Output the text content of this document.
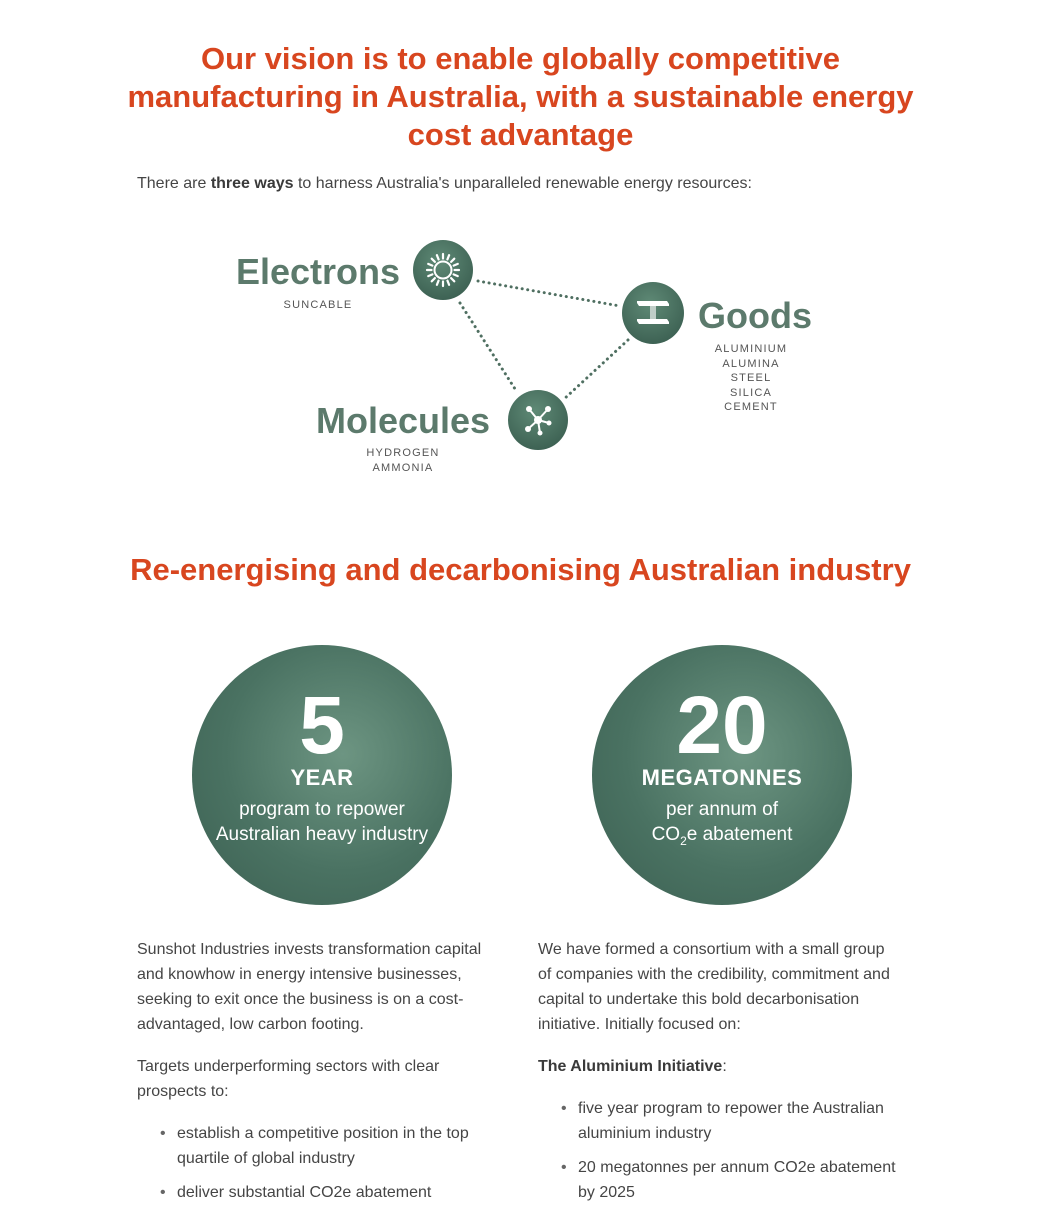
Our vision is to enable globally competitive manufacturing in Australia, with a sustainable energy cost advantage

There are three ways to harness Australia's unparalleled renewable energy resources:

Electrons
SUNCABLE	Goods
ALUMINIUM
ALUMINA
STEEL
SILICA
CEMENT
Molecules
HYDROGEN
AMMONIA
Re-energising and decarbonising Australian industry
5
YEAR
program to repower Australian heavy industry
20
MEGATONNES
per annum of
$CO_2e$ abatement

Sunshot Industries invests transformation capital and knowhow in energy intensive businesses, seeking to exit once the business is on a cost-advantaged, low carbon footing.

Targets underperforming sectors with clear prospects to:

• establish a competitive position in the top quartile of global industry
• deliver substantial CO2e abatement

We have formed a consortium with a small group of companies with the credibility, commitment and capital to undertake this bold decarbonisation initiative. Initially focused on:

The Aluminium Initiative:

• five year program to repower the Australian aluminium industry
• 20 megatonnes per annum CO2e abatement by 2025
